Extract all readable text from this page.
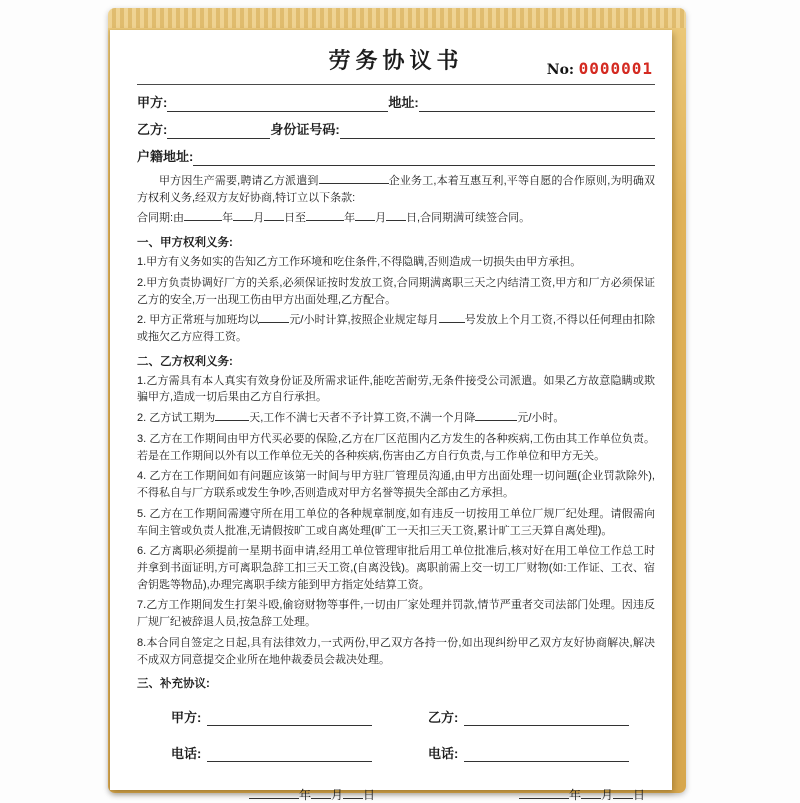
劳务协议书	No: 0000001
甲方:	地址:
乙方:	身份证号码:
户籍地址:

甲方因生产需要,聘请乙方派遣到	企业务工,本着互惠互利,平等自愿的合作原则,为明确双方权利义务,经双方友好协商,特订立以下条款:

合同期:由	年 月 日至	年 月 日,合同期满可续签合同。

一、甲方权利义务:

1.甲方有义务如实的告知乙方工作环境和吃住条件,不得隐瞒,否则造成一切损失由甲方承担。

2.甲方负责协调好厂方的关系,必须保证按时发放工资,合同期满离职三天之内结清工资,甲方和厂方必须保证乙方的安全,万一出现工伤由甲方出面处理,乙方配合。

2. 甲方正常班与加班均以	元/小时计算,按照企业规定每月 号发放上个月工资,不得以任何理由扣除或拖欠乙方应得工资。

二、乙方权利义务:

1.乙方需具有本人真实有效身份证及所需求证件,能吃苦耐劳,无条件接受公司派遣。如果乙方故意隐瞒或欺骗甲方,造成一切后果由乙方自行承担。

2. 乙方试工期为	天,工作不满七天者不予计算工资,不满一个月降	元/小时。

3. 乙方在工作期间由甲方代买必要的保险,乙方在厂区范围内乙方发生的各种疾病,工伤由其工作单位负责。若是在工作期间以外有以工作单位无关的各种疾病,伤害由乙方自行负责,与工作单位和甲方无关。

4. 乙方在工作期间如有问题应该第一时间与甲方驻厂管理员沟通,由甲方出面处理一切问题(企业罚款除外),不得私自与厂方联系或发生争吵,否则造成对甲方名誉等损失全部由乙方承担。

5. 乙方在工作期间需遵守所在用工单位的各种规章制度,如有违反一切按用工单位厂规厂纪处理。请假需向车间主管或负责人批准,无请假按旷工或自离处理(旷工一天扣三天工资,累计旷工三天算自离处理)。

6. 乙方离职必须提前一星期书面申请,经用工单位管理审批后用工单位批准后,核对好在用工单位工作总工时并拿到书面证明,方可离职急辞工扣三天工资,(自离没钱)。离职前需上交一切工厂财物(如:工作证、工衣、宿舍钥匙等物品),办理完离职手续方能到甲方指定处结算工资。

7.乙方工作期间发生打架斗殴,偷窃财物等事件,一切由厂家处理并罚款,情节严重者交司法部门处理。因违反厂规厂纪被辞退人员,按急辞工处理。

8.本合同自签定之日起,具有法律效力,一式两份,甲乙双方各持一份,如出现纠纷甲乙双方友好协商解决,解决不成双方同意提交企业所在地仲裁委员会裁决处理。

三、补充协议:

甲方:	乙方:
电话:	电话:
年 月 日	年 月 日
